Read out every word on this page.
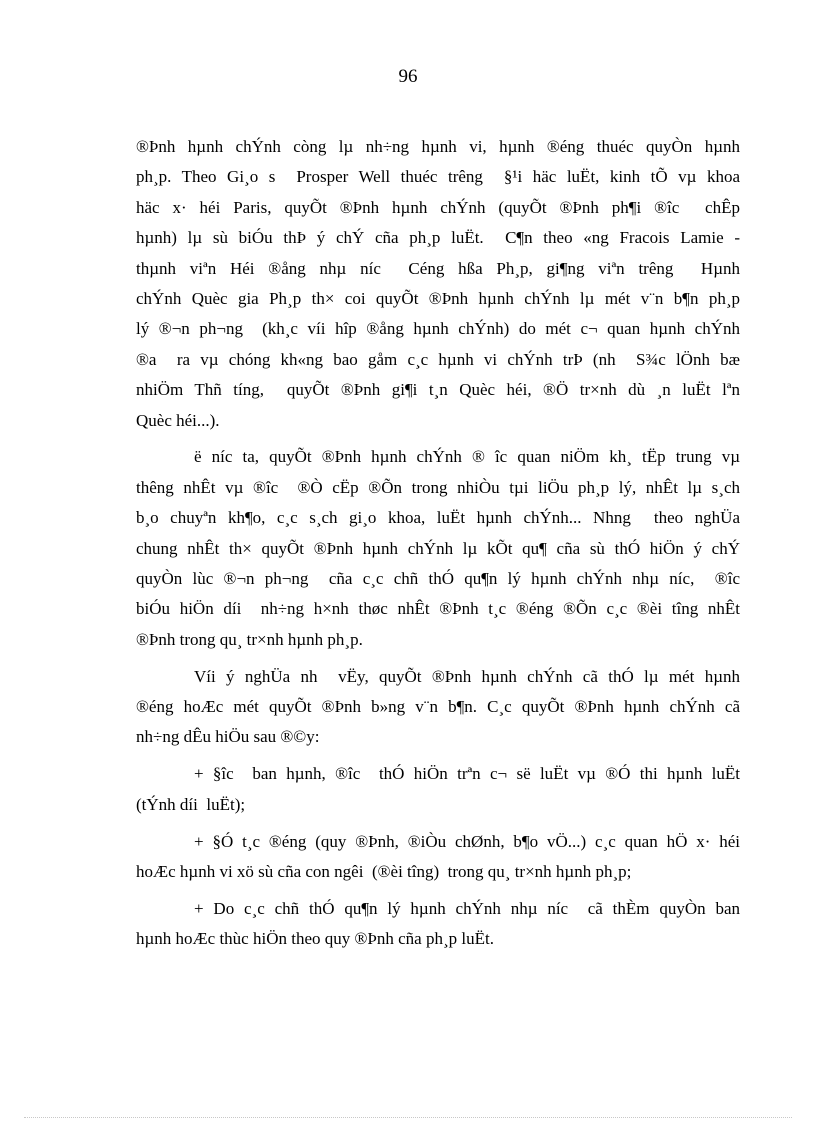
96
®Þnh hµnh chÝnh còng lµ nh÷ng hµnh vi, hµnh ®éng thuéc quyÒn hµnh
ph¸p. Theo Gi¸o s  Prosper Well thuéc trêng  §¹i häc luËt, kinh tÕ vµ khoa
häc x· héi Paris, quyÕt ®Þnh hµnh chÝnh (quyÕt ®Þnh ph¶i ®îc  chÊp
hµnh) lµ sù biÓu thÞ ý chÝ cña ph¸p luËt.  C¶n theo «ng Fracois Lamie -
thµnh viªn Héi ®ång nhµ níc  Céng hßa Ph¸p, gi¶ng viªn trêng  Hµnh
chÝnh Quèc gia Ph¸p th× coi quyÕt ®Þnh hµnh chÝnh lµ mét v¨n b¶n ph¸p
lý ®¬n ph¬ng  (kh¸c víi hîp ®ång hµnh chÝnh) do mét c¬ quan hµnh chÝnh
®a  ra vµ chóng kh«ng bao gåm c¸c hµnh vi chÝnh trÞ (nh  S¾c lÖnh bæ
nhiÖm Thñ tíng,  quyÕt ®Þnh gi¶i t¸n Quèc héi, ®Ö tr×nh dù ¸n luËt lªn
Quèc héi...).
ë níc ta, quyÕt ®Þnh hµnh chÝnh ® îc quan niÖm kh¸ tËp trung vµ
thêng nhÊt vµ ®îc  ®Ò cËp ®Õn trong nhiÒu tµi liÖu ph¸p lý, nhÊt lµ s¸ch
b¸o chuyªn kh¶o, c¸c s¸ch gi¸o khoa, luËt hµnh chÝnh... Nhng  theo nghÜa
chung nhÊt th× quyÕt ®Þnh hµnh chÝnh lµ kÕt qu¶ cña sù thÓ hiÖn ý chÝ
quyÒn lùc ®¬n ph¬ng  cña c¸c chñ thÓ qu¶n lý hµnh chÝnh nhµ níc,  ®îc
biÓu hiÖn díi  nh÷ng h×nh thøc nhÊt ®Þnh t¸c ®éng ®Õn c¸c ®èi tîng nhÊt
®Þnh trong qu¸ tr×nh hµnh ph¸p.
Víi ý nghÜa nh  vËy, quyÕt ®Þnh hµnh chÝnh cã thÓ lµ mét hµnh
®éng hoÆc mét quyÕt ®Þnh b»ng v¨n b¶n. C¸c quyÕt ®Þnh hµnh chÝnh cã
nh÷ng dÊu hiÖu sau ®©y:
+ §îc  ban hµnh, ®îc  thÓ hiÖn trªn c¬ së luËt vµ ®Ó thi hµnh luËt
(tÝnh díi  luËt);
+ §Ó t¸c ®éng (quy ®Þnh, ®iÒu chØnh, b¶o vÖ...) c¸c quan hÖ x· héi
hoÆc hµnh vi xö sù cña con ngêi  (®èi tîng)  trong qu¸ tr×nh hµnh ph¸p;
+ Do c¸c chñ thÓ qu¶n lý hµnh chÝnh nhµ níc  cã thÈm quyÒn ban
hµnh hoÆc thùc hiÖn theo quy ®Þnh cña ph¸p luËt.
